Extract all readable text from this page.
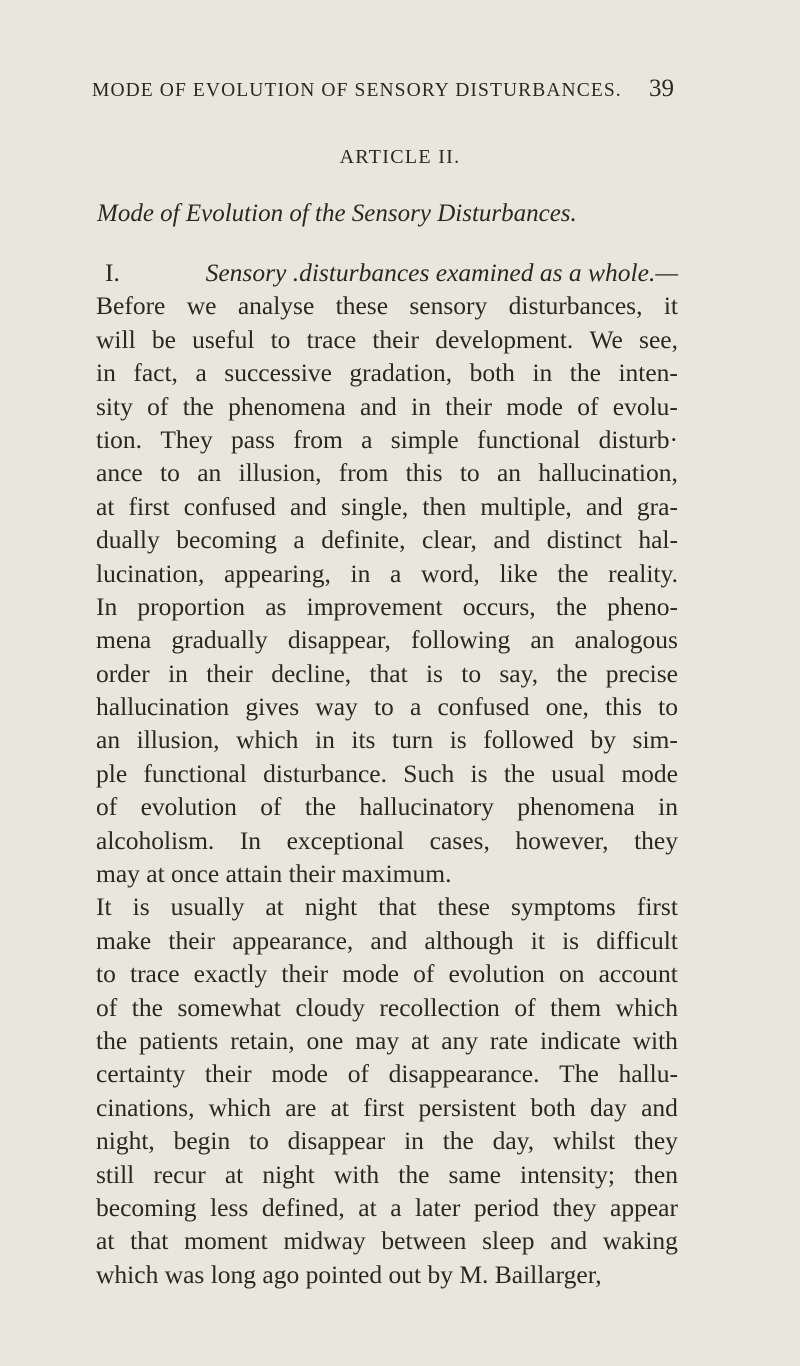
MODE OF EVOLUTION OF SENSORY DISTURBANCES. 39
ARTICLE II.
Mode of Evolution of the Sensory Disturbances.
I.	Sensory .disturbances examined as a whole.—
Before we analyse these sensory disturbances, it
will be useful to trace their development. We see,
in fact, a successive gradation, both in the inten-
sity of the phenomena and in their mode of evolu-
tion. They pass from a simple functional disturb·
ance to an illusion, from this to an hallucination,
at first confused and single, then multiple, and gra-
dually becoming a definite, clear, and distinct hal-
lucination, appearing, in a word, like the reality.
In proportion as improvement occurs, the pheno-
mena gradually disappear, following an analogous
order in their decline, that is to say, the precise
hallucination gives way to a confused one, this to
an illusion, which in its turn is followed by sim-
ple functional disturbance. Such is the usual mode
of evolution of the hallucinatory phenomena in
alcoholism. In exceptional cases, however, they
may at once attain their maximum.
It is usually at night that these symptoms first
make their appearance, and although it is difficult
to trace exactly their mode of evolution on account
of the somewhat cloudy recollection of them which
the patients retain, one may at any rate indicate with
certainty their mode of disappearance. The hallu-
cinations, which are at first persistent both day and
night, begin to disappear in the day, whilst they
still recur at night with the same intensity; then
becoming less defined, at a later period they appear
at that moment midway between sleep and waking
which was long ago pointed out by M. Baillarger,
